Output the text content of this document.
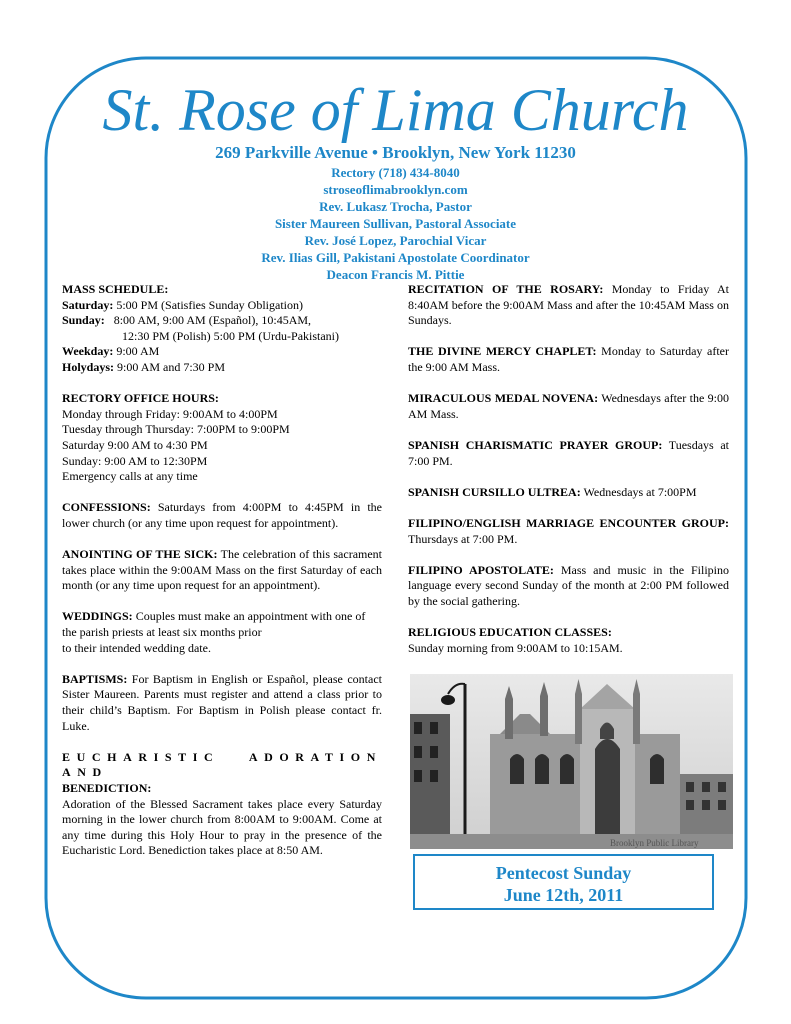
St. Rose of Lima Church
269 Parkville Avenue • Brooklyn, New York 11230
Rectory (718) 434-8040
stroseoflimabrooklyn.com
Rev. Lukasz Trocha, Pastor
Sister Maureen Sullivan, Pastoral Associate
Rev. José Lopez, Parochial Vicar
Rev. Ilias Gill, Pakistani Apostolate Coordinator
Deacon Francis M. Pittie

MASS SCHEDULE:
Saturday: 5:00 PM (Satisfies Sunday Obligation)
Sunday:   8:00 AM, 9:00 AM (Español), 10:45AM,

12:30 PM (Polish) 5:00 PM (Urdu-Pakistani)
Weekday: 9:00 AM
Holydays: 9:00 AM and 7:30 PM

RECTORY OFFICE HOURS:
Monday through Friday: 9:00AM to 4:00PM
Tuesday through Thursday: 7:00PM to 9:00PM
Saturday 9:00 AM to 4:30 PM
Sunday: 9:00 AM to 12:30PM
Emergency calls at any time

CONFESSIONS: Saturdays from 4:00PM to 4:45PM in the lower church (or any time upon request for appointment).

ANOINTING OF THE SICK: The celebration of this sacrament takes place within the 9:00AM Mass on the first Saturday of each month (or any time upon request for an appointment).

WEDDINGS: Couples must make an appointment with one of the parish priests at least six months prior
to their intended wedding date.

BAPTISMS: For Baptism in English or Español, please contact Sister Maureen. Parents must register and attend a class prior to their child’s Baptism. For Baptism in Polish please contact fr. Luke.

EUCHARISTIC ADORATION AND
BENEDICTION:
Adoration of the Blessed Sacrament takes place every Saturday morning in the lower church from 8:00AM to 9:00AM. Come at any time during this Holy Hour to pray in the presence of the Eucharistic Lord. Benediction takes place at 8:50 AM.

RECITATION OF THE ROSARY: Monday to Friday At 8:40AM before the 9:00AM Mass and after the 10:45AM Mass on Sundays.

THE DIVINE MERCY CHAPLET: Monday to Saturday after the 9:00 AM Mass.

MIRACULOUS MEDAL NOVENA: Wednesdays after the 9:00 AM Mass.

SPANISH CHARISMATIC PRAYER GROUP: Tuesdays at 7:00 PM.

SPANISH CURSILLO ULTREA: Wednesdays at 7:00PM

FILIPINO/ENGLISH MARRIAGE ENCOUNTER GROUP: Thursdays at 7:00 PM.

FILIPINO APOSTOLATE: Mass and music in the Filipino language every second Sunday of the month at 2:00 PM followed by the social gathering.

RELIGIOUS EDUCATION CLASSES:
Sunday morning from 9:00AM to 10:15AM.

Brooklyn Public Library
Pentecost Sunday
June 12th, 2011
